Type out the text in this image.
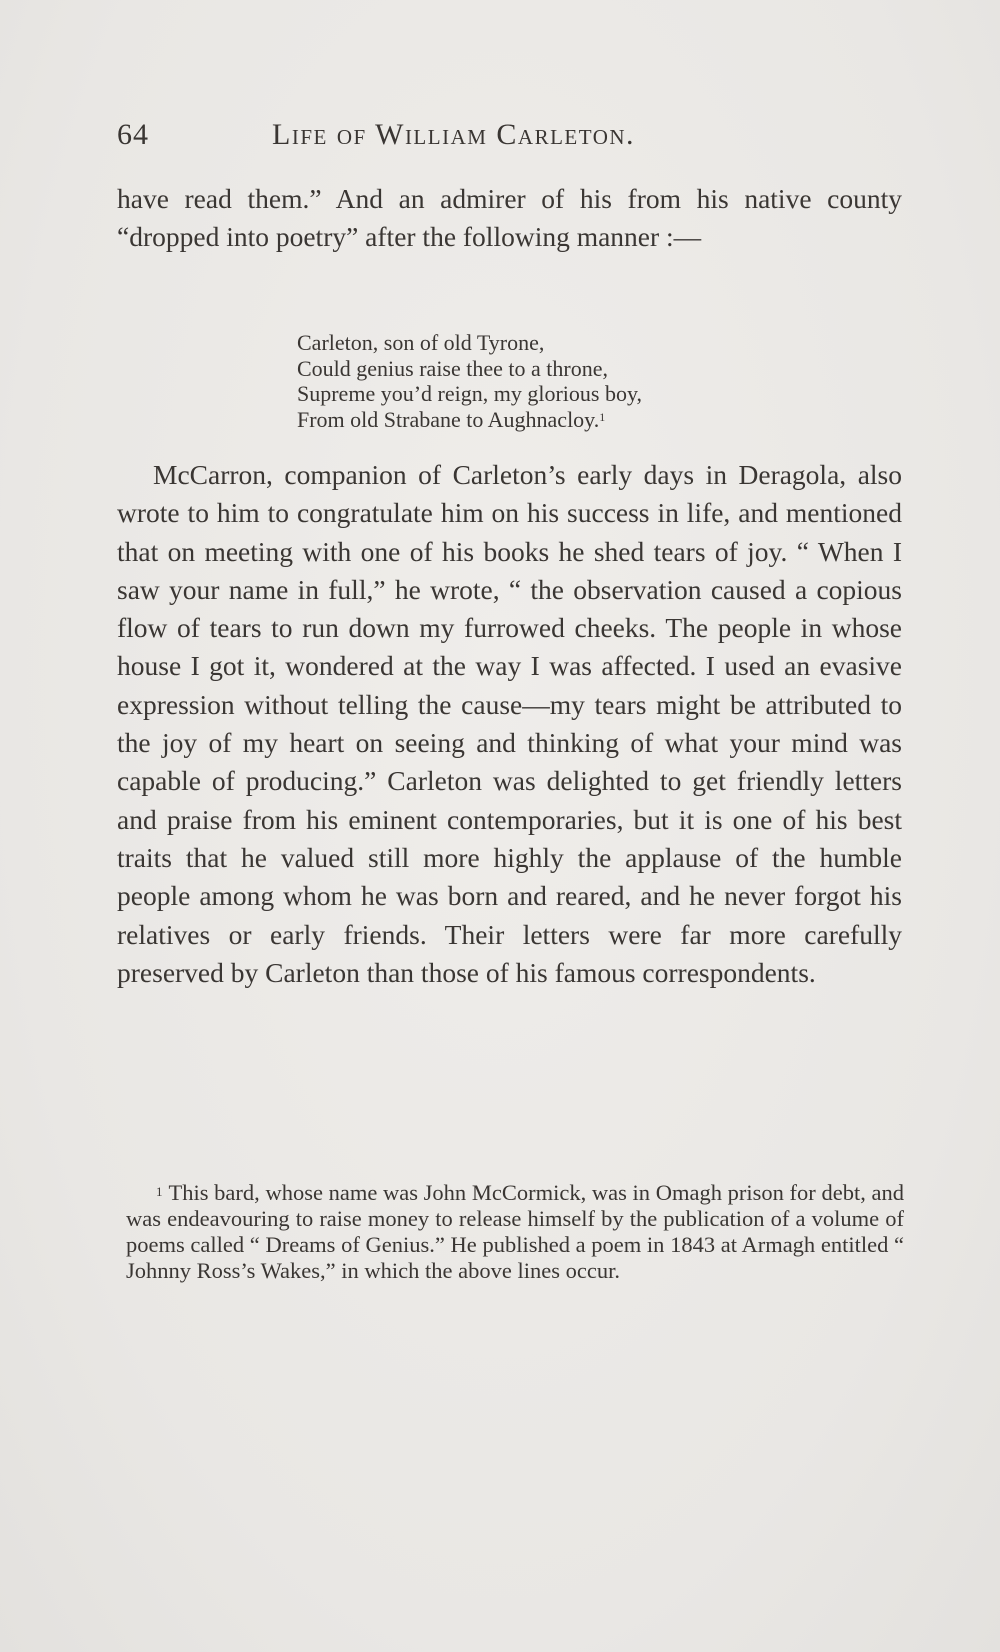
64	Life of William Carleton.

have read them.” And an admirer of his from his native county “dropped into poetry” after the following manner :—

Carleton, son of old Tyrone,
Could genius raise thee to a throne,
Supreme you’d reign, my glorious boy,
From old Strabane to Aughnacloy.$^1$

McCarron, companion of Carleton’s early days in Deragola, also wrote to him to congratulate him on his success in life, and mentioned that on meeting with one of his books he shed tears of joy. “ When I saw your name in full,” he wrote, “ the observation caused a copious flow of tears to run down my furrowed cheeks. The people in whose house I got it, wondered at the way I was affected. I used an evasive expression without telling the cause—my tears might be attributed to the joy of my heart on seeing and thinking of what your mind was capable of producing.” Carleton was delighted to get friendly letters and praise from his eminent contemporaries, but it is one of his best traits that he valued still more highly the applause of the humble people among whom he was born and reared, and he never forgot his relatives or early friends. Their letters were far more carefully preserved by Carleton than those of his famous correspondents.

$^1$ This bard, whose name was John McCormick, was in Omagh prison for debt, and was endeavouring to raise money to release himself by the publication of a volume of poems called “ Dreams of Genius.” He published a poem in 1843 at Armagh entitled “ Johnny Ross’s Wakes,” in which the above lines occur.
